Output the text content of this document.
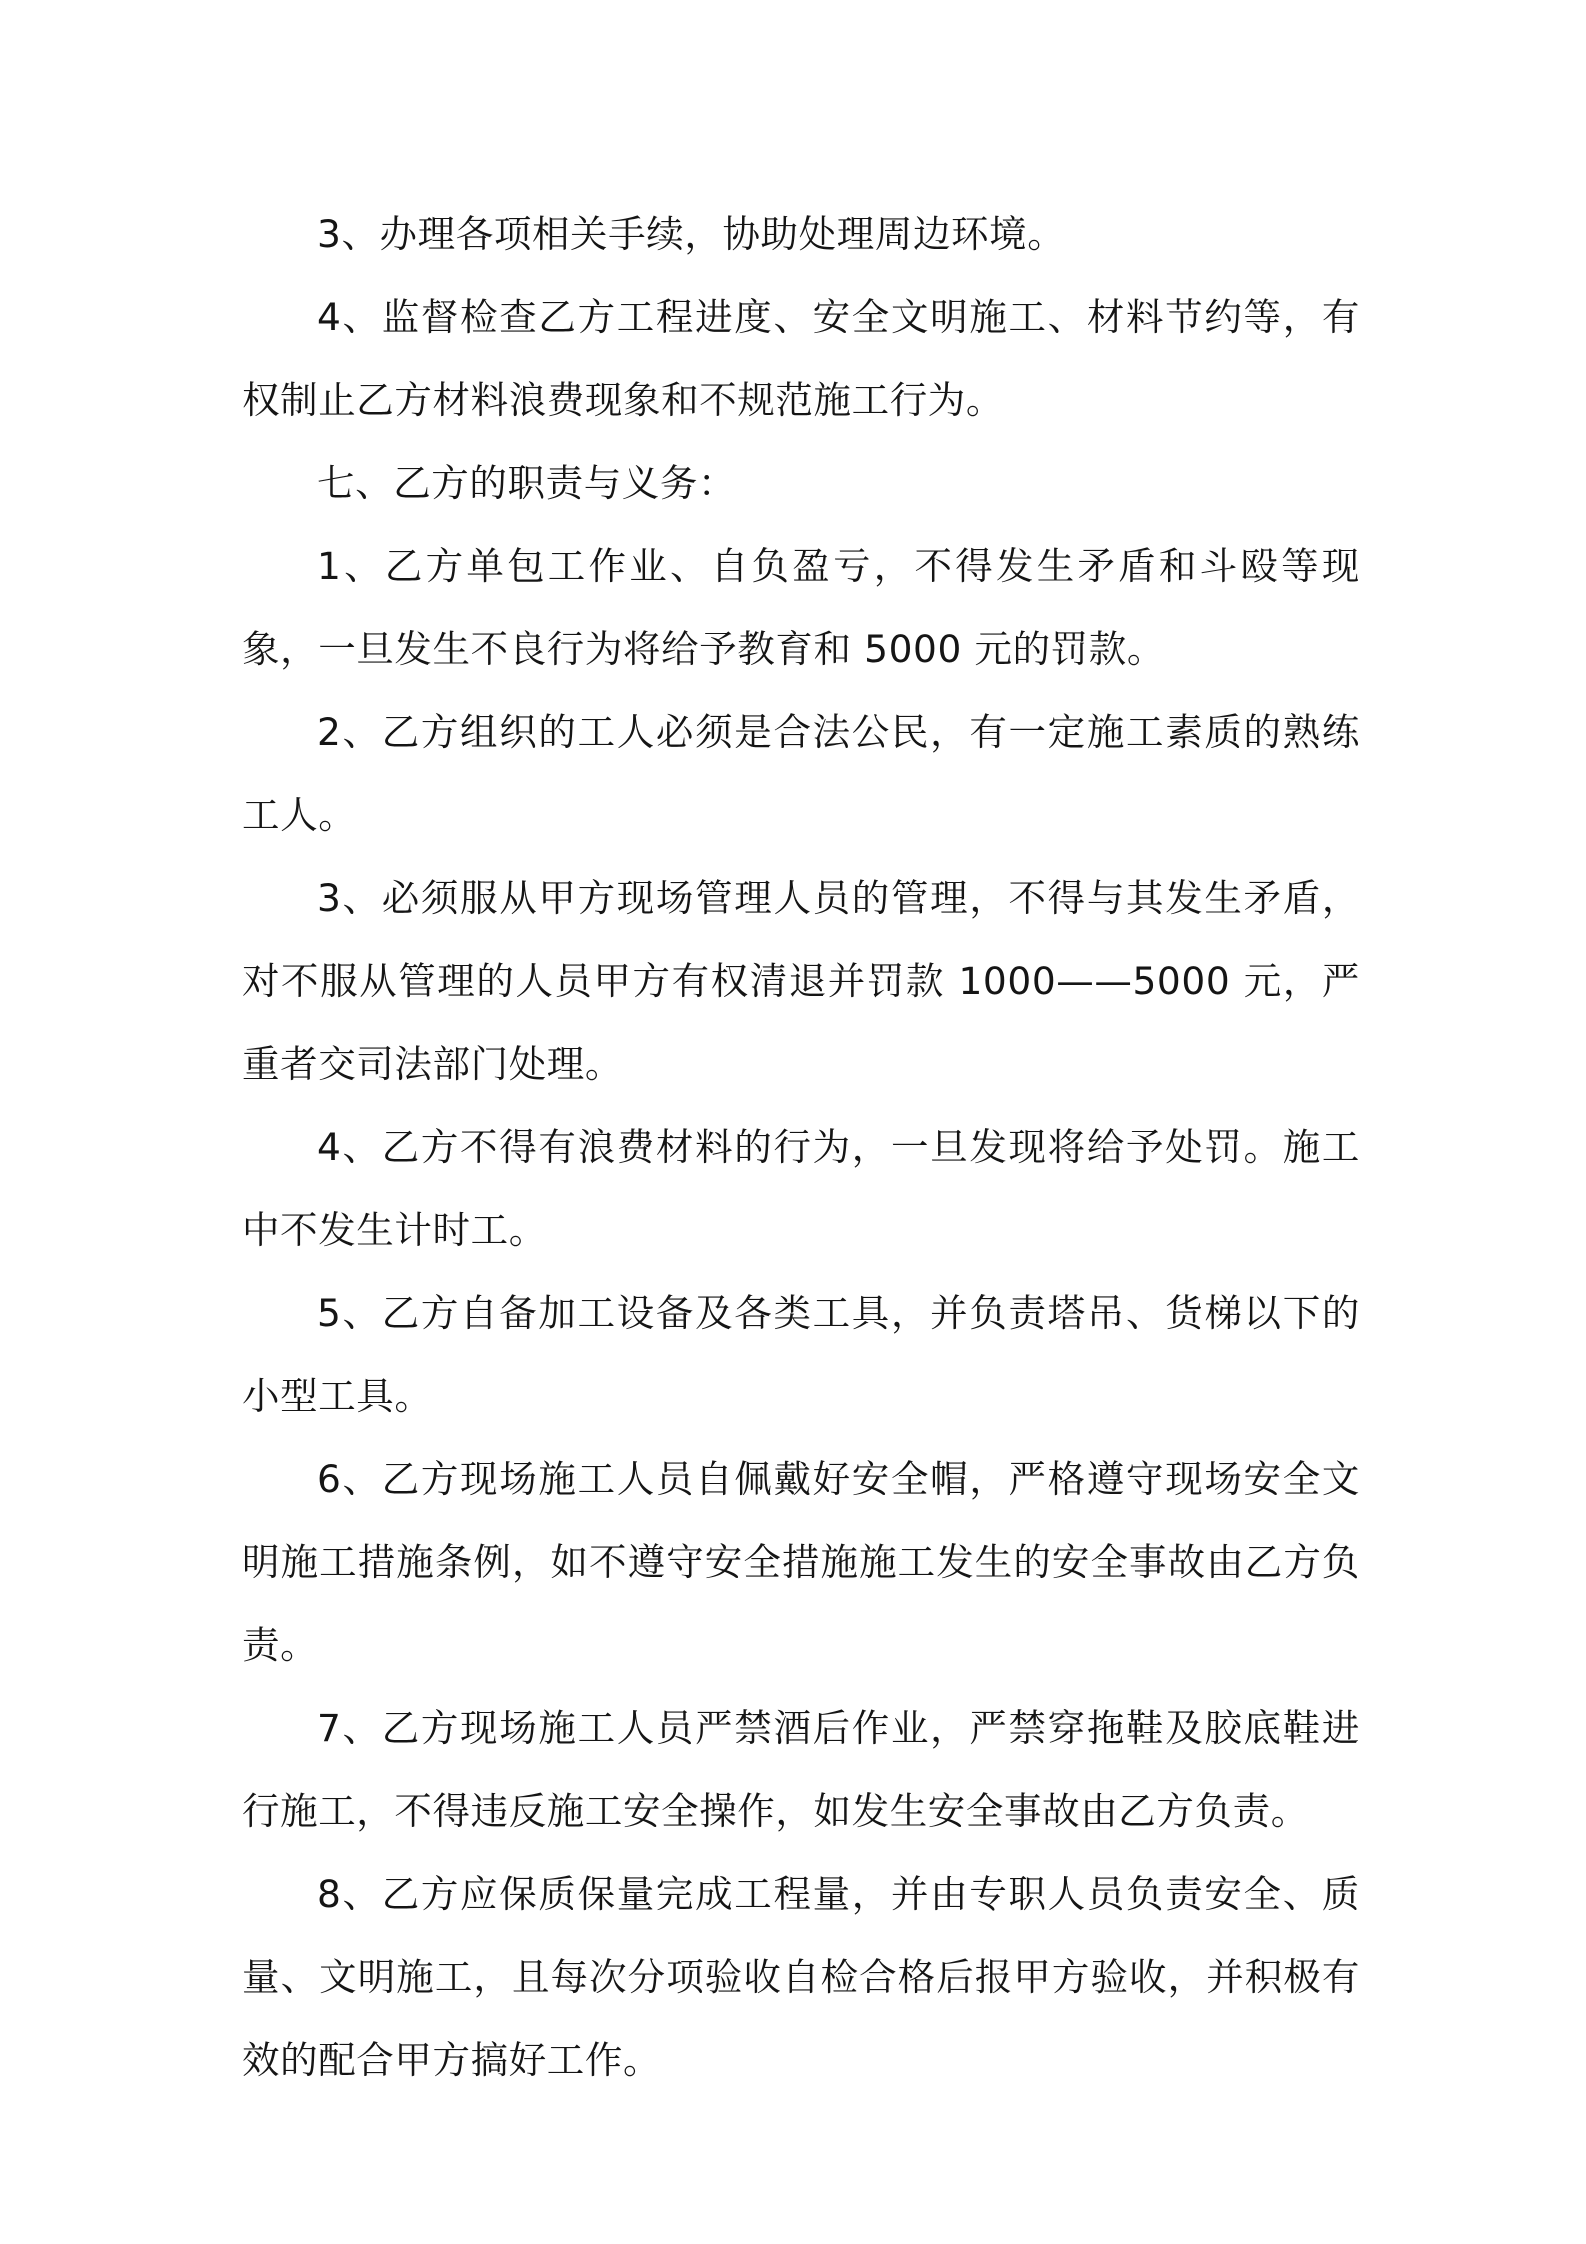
3、办理各项相关手续，协助处理周边环境。

4、监督检查乙方工程进度、安全文明施工、材料节约等，有权制止乙方材料浪费现象和不规范施工行为。

七、乙方的职责与义务：

1、乙方单包工作业、自负盈亏，不得发生矛盾和斗殴等现象，一旦发生不良行为将给予教育和 5000 元的罚款。

2、乙方组织的工人必须是合法公民，有一定施工素质的熟练工人。

3、必须服从甲方现场管理人员的管理，不得与其发生矛盾，对不服从管理的人员甲方有权清退并罚款 1000——5000 元，严重者交司法部门处理。

4、乙方不得有浪费材料的行为，一旦发现将给予处罚。施工中不发生计时工。

5、乙方自备加工设备及各类工具，并负责塔吊、货梯以下的小型工具。

6、乙方现场施工人员自佩戴好安全帽，严格遵守现场安全文明施工措施条例，如不遵守安全措施施工发生的安全事故由乙方负责。

7、乙方现场施工人员严禁酒后作业，严禁穿拖鞋及胶底鞋进行施工，不得违反施工安全操作，如发生安全事故由乙方负责。

8、乙方应保质保量完成工程量，并由专职人员负责安全、质量、文明施工，且每次分项验收自检合格后报甲方验收，并积极有效的配合甲方搞好工作。
